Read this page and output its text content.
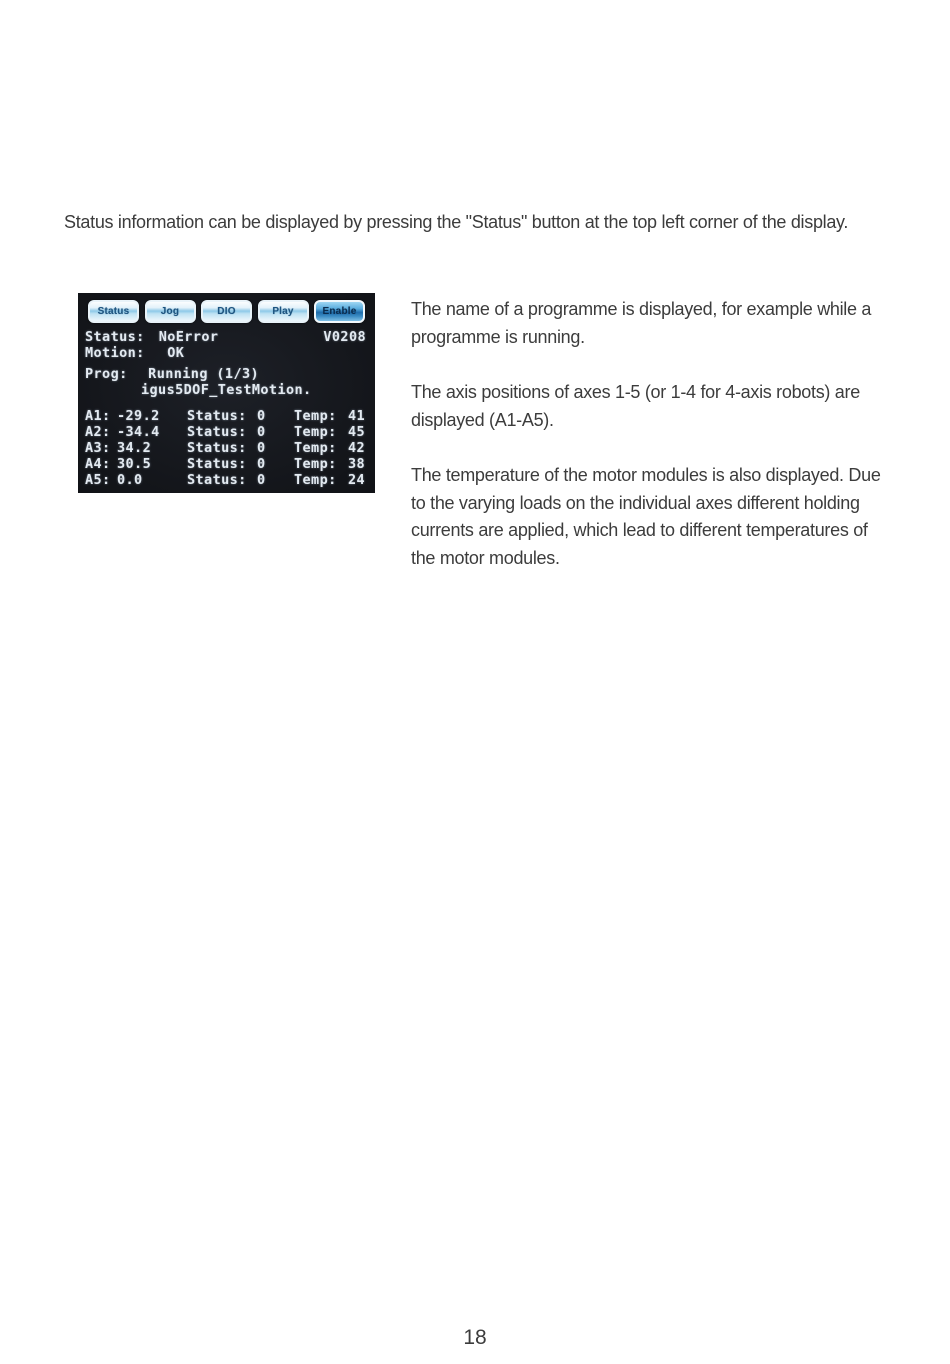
Status information can be displayed by pressing the "Status" button at the top left corner of the display.

Status	Jog	DIO	Play	Enable
Status: NoError	V0208
Motion: OK
Prog: Running (1/3)
igus5DOF_TestMotion.
A1: -29.2	Status: 0	Temp: 41
A2: -34.4	Status: 0	Temp: 45
A3: 34.2	Status: 0	Temp: 42
A4: 30.5	Status: 0	Temp: 38
A5: 0.0	Status: 0	Temp: 24

The name of a programme is displayed, for example while a programme is running.

The axis positions of axes 1-5 (or 1-4 for 4-axis robots) are displayed (A1-A5).

The temperature of the motor modules is also displayed. Due to the varying loads on the individual axes different holding currents are applied, which lead to different temperatures of the motor modules.

18
